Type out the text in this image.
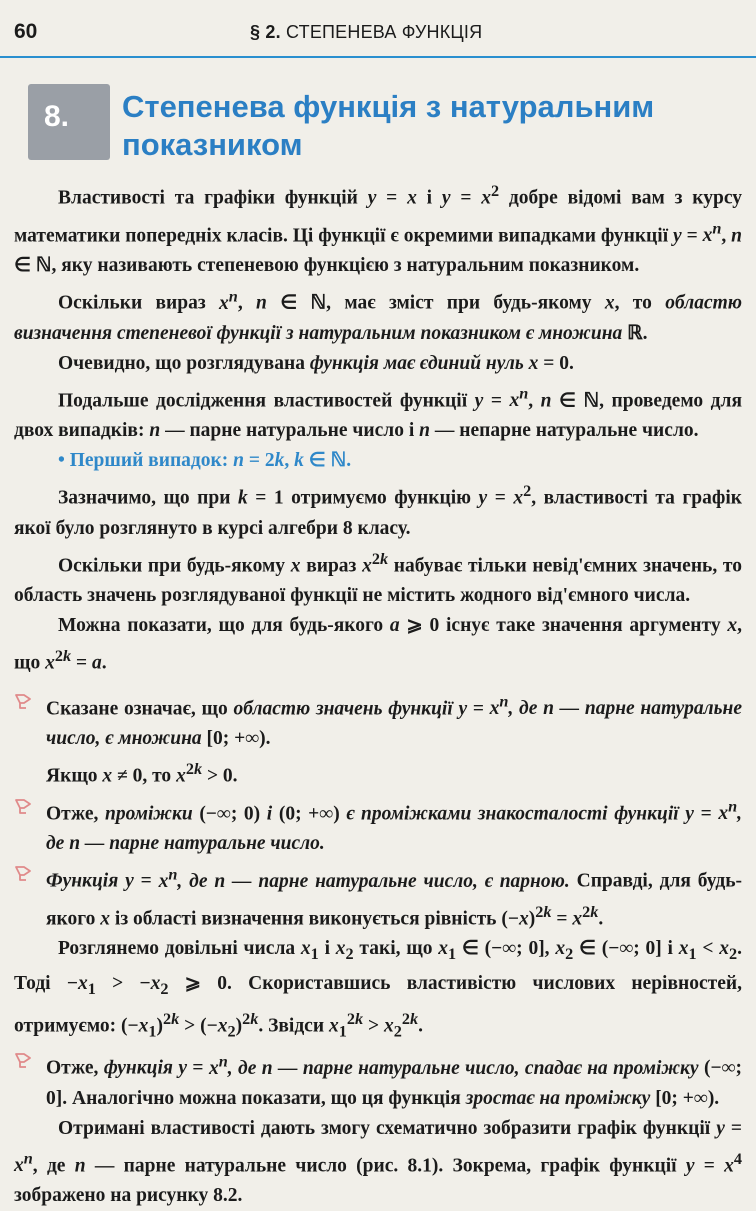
60	§ 2. СТЕПЕНЕВА ФУНКЦІЯ
8. Степенева функція з натуральним показником

Властивості та графіки функцій y = x і $y = x^2$ добре відомі вам з курсу математики попередніх класів. Ці функції є окремими випадками функції $y = x^n$, n ∈ ℕ, яку називають степеневою функцією з натуральним показником.

Оскільки вираз $x^n$, n ∈ ℕ, має зміст при будь-якому x, то областю визначення степеневої функції з натуральним показником є множина ℝ.

Очевидно, що розглядувана функція має єдиний нуль x = 0.

Подальше дослідження властивостей функції $y = x^n$, n ∈ ℕ, проведемо для двох випадків: n — парне натуральне число і n — непарне натуральне число.

• Перший випадок: n = 2k, k ∈ ℕ.

Зазначимо, що при k = 1 отримуємо функцію $y = x^2$, властивості та графік якої було розглянуто в курсі алгебри 8 класу.

Оскільки при будь-якому x вираз $x^{2k}$ набуває тільки невід'ємних значень, то область значень розглядуваної функції не містить жодного від'ємного числа.

Можна показати, що для будь-якого a ⩾ 0 існує таке значення аргументу x, що $x^{2k} = a$.

Сказане означає, що областю значень функції $y = x^n$, де n — парне натуральне число, є множина [0; +∞).

Якщо x ≠ 0, то $x^{2k} > 0$.

Отже, проміжки (−∞; 0) і (0; +∞) є проміжками знакосталості функції $y = x^n$, де n — парне натуральне число.

Функція $y = x^n$, де n — парне натуральне число, є парною. Справді, для будь-якого x із області визначення виконується рівність $(-x)^{2k} = x^{2k}$.

Розглянемо довільні числа $x_1$ і $x_2$ такі, що $x_1$ ∈ (−∞; 0], $x_2$ ∈ (−∞; 0] і $x_1 < x_2$. Тоді $-x_1 > -x_2$ ⩾ 0. Скориставшись властивістю числових нерівностей, отримуємо: $(-x_1)^{2k} > (-x_2)^{2k}$. Звідси $x_1^{2k} > x_2^{2k}$.

Отже, функція $y = x^n$, де n — парне натуральне число, спадає на проміжку (−∞; 0]. Аналогічно можна показати, що ця функція зростає на проміжку [0; +∞).

Отримані властивості дають змогу схематично зобразити графік функції $y = x^n$, де n — парне натуральне число (рис. 8.1). Зокрема, графік функції $y = x^4$ зображено на рисунку 8.2.
